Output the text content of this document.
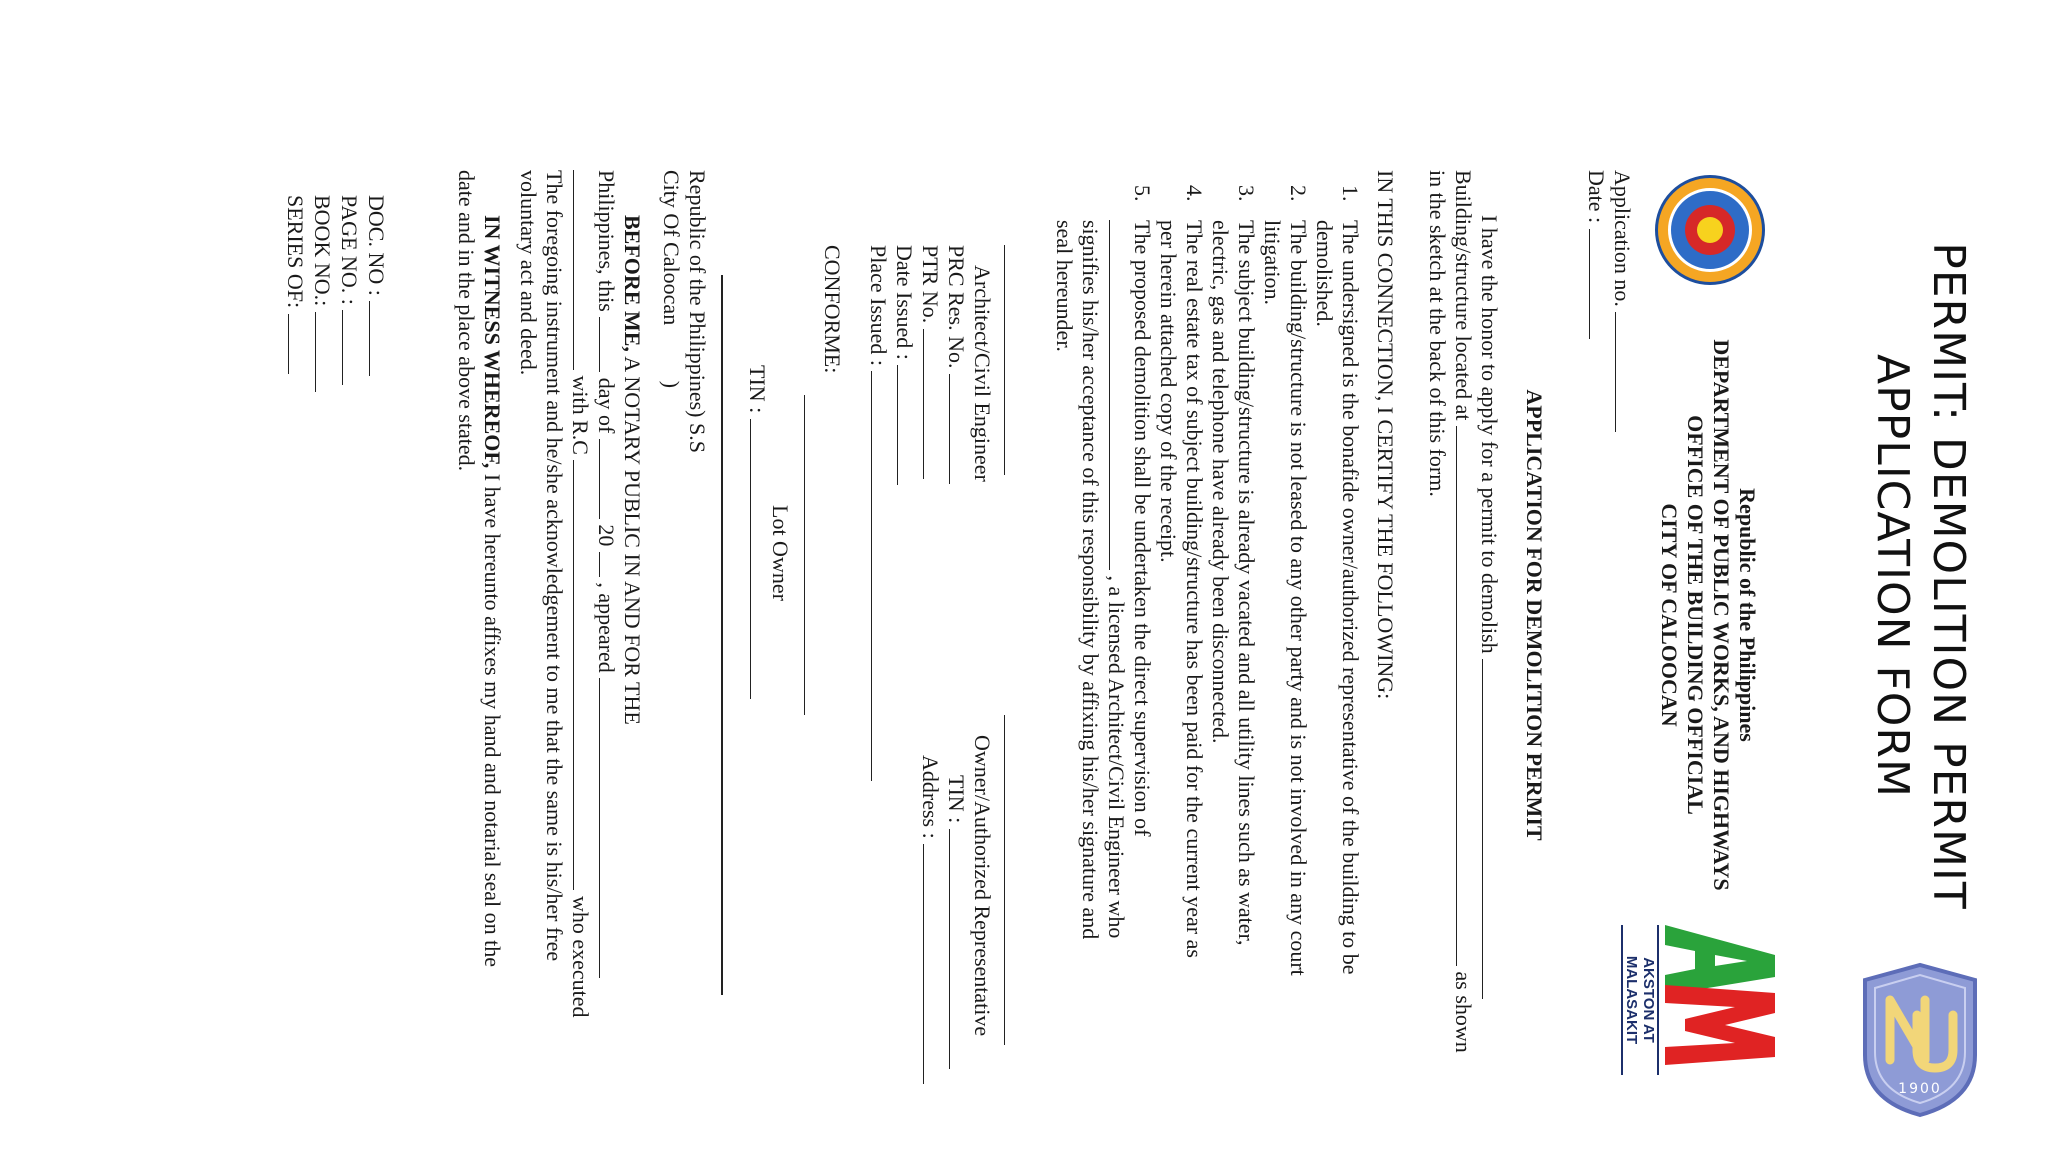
PERMIT: DEMOLITION PERMIT
APPLICATION FORM
AKSTON AT MALASAKIT
Republic of the Philippines
DEPARTMENT OF PUBLIC WORKS, AND HIGHWAYS
OFFICE OF THE BUILDING OFFICIAL
CITY OF CALOOCAN
Application no.
Date :
APPLICATION FOR DEMOLITION PERMIT
I have the honor to apply for a permit to demolish
Building/structure located at  as shown
in the sketch at the back of this form.
IN THIS CONNECTION, I CERTIFY THE FOLLOWING:
1.
The undersigned is the bonafide owner/authorized representative of the building to be
demolished.
2.
The building/structure is not leased to any other party and is not involved in any court
litigation.
3.
The subject building/structure is already vacated and all utility lines such as water,
electric, gas and telephone have already been disconnected.
4.
The real estate tax of subject building/structure has been paid for the current year as
per herein attached copy of the receipt.
5.
The proposed demolition shall be undertaken the direct supervision of
, a licensed Architect/Civil Engineer who
signifies his/her acceptance of this responsibility by affixing his/her signature and
seal hereunder.
Architect/Civil Engineer
Owner/Authorized Representative
PRC Res. No.
PTR No.
Date Issued :
Place Issued :
TIN :
Address :
CONFORME:
Lot Owner
TIN :
Republic of the Philippines) S.S
City Of Caloocan )
BEFORE ME, A NOTARY PUBLIC IN AND FOR THE
Philippines, this  day of  20  , appeared
with R.C  who executed
The foregoing instrument and he/she acknowledgement to me that the same is his/her free
voluntary act and deed.
IN WITNESS WHEREOF, I have hereunto affixes my hand and notarial seal on the
date and in the place above stated.
DOC. NO :
PAGE NO. :
BOOK NO.:
SERIES OF:
1900
